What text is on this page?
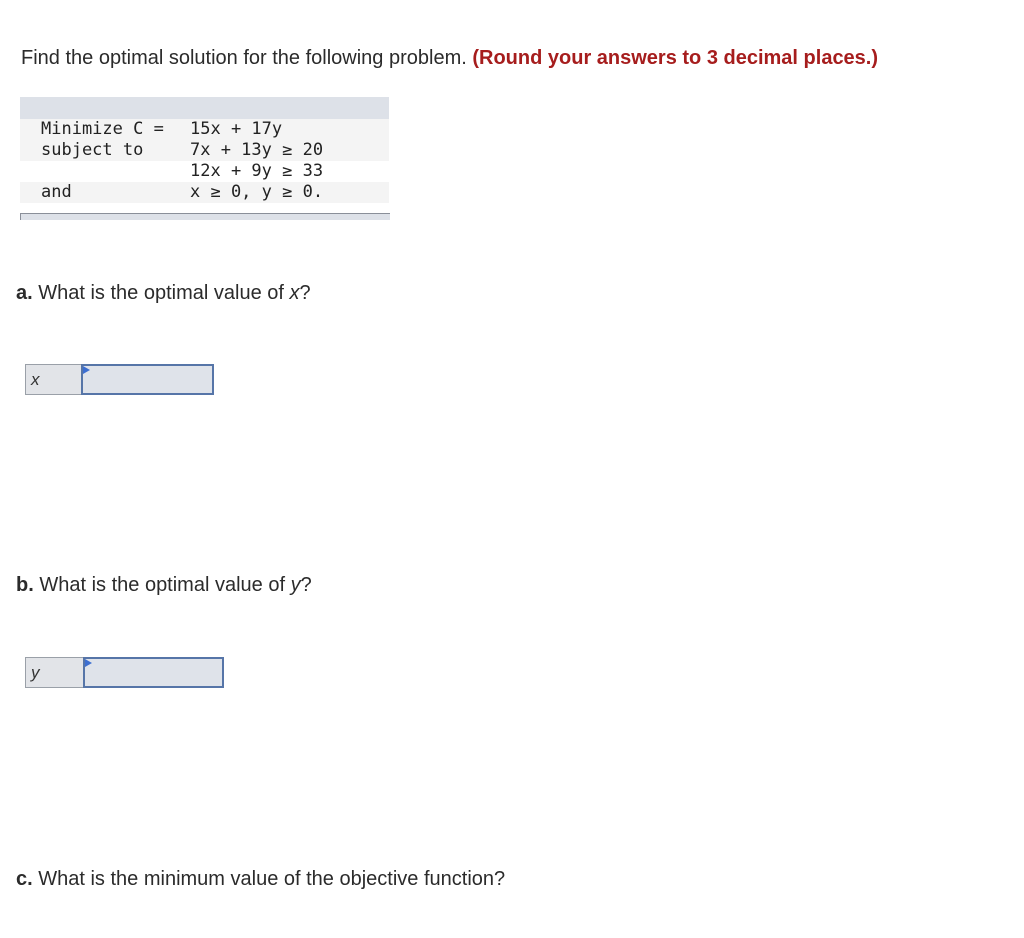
Find the optimal solution for the following problem. (Round your answers to 3 decimal places.)
Minimize C = 15x + 17y
subject to	7x + 13y ≥ 20
12x + 9y ≥ 33
and	x ≥ 0, y ≥ 0.
a. What is the optimal value of x?
x
b. What is the optimal value of y?
y
c. What is the minimum value of the objective function?
